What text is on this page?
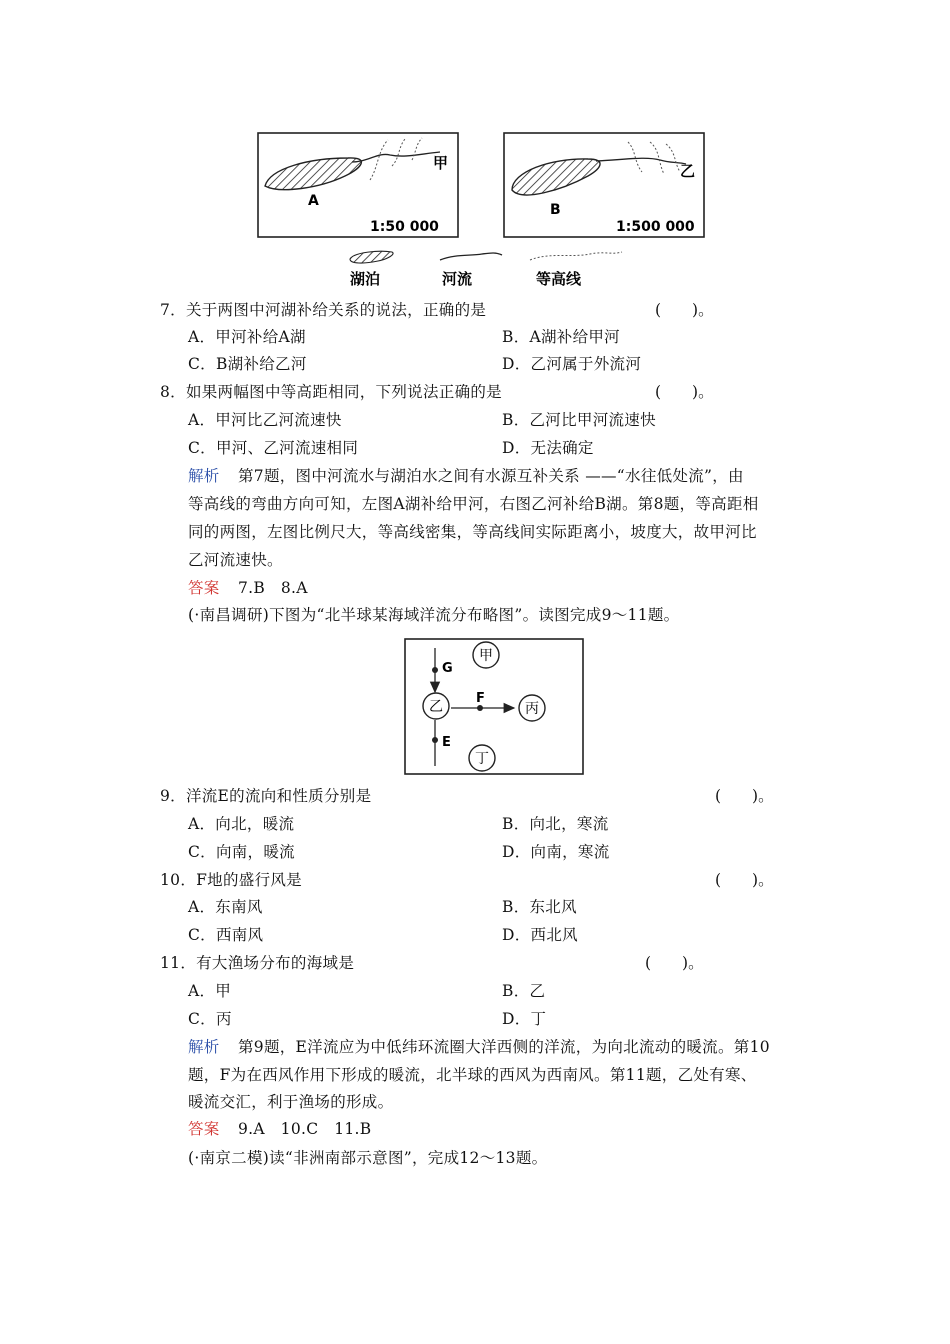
A
甲
1:50 000
B
乙
1:500 000
湖泊	河流	等高线
7．关于两图中河湖补给关系的说法，正确的是	(　　)。
A．甲河补给A湖	B．A湖补给甲河
C．B湖补给乙河	D．乙河属于外流河
8．如果两幅图中等高距相同，下列说法正确的是	(　　)。
A．甲河比乙河流速快	B．乙河比甲河流速快
C．甲河、乙河流速相同	D．无法确定
解析 第7题，图中河流水与湖泊水之间有水源互补关系 ——“水往低处流”，由
等高线的弯曲方向可知，左图A湖补给甲河，右图乙河补给B湖。第8题，等高距相
同的两图，左图比例尺大，等高线密集，等高线间实际距离小，坡度大，故甲河比
乙河流速快。
答案 7.B　8.A
(·南昌调研)下图为“北半球某海域洋流分布略图”。读图完成9～11题。
G
F
E
甲
乙	丙
丁
9．洋流E的流向和性质分别是	(　　)。
A．向北，暖流	B．向北，寒流
C．向南，暖流	D．向南，寒流
10．F地的盛行风是	(　　)。
A．东南风	B．东北风
C．西南风	D．西北风
11．有大渔场分布的海域是	(　　)。
A．甲	B．乙
C．丙	D．丁
解析 第9题，E洋流应为中低纬环流圈大洋西侧的洋流，为向北流动的暖流。第10
题，F为在西风作用下形成的暖流，北半球的西风为西南风。第11题，乙处有寒、
暖流交汇，利于渔场的形成。
答案 9.A　10.C　11.B
(·南京二模)读“非洲南部示意图”，完成12～13题。
